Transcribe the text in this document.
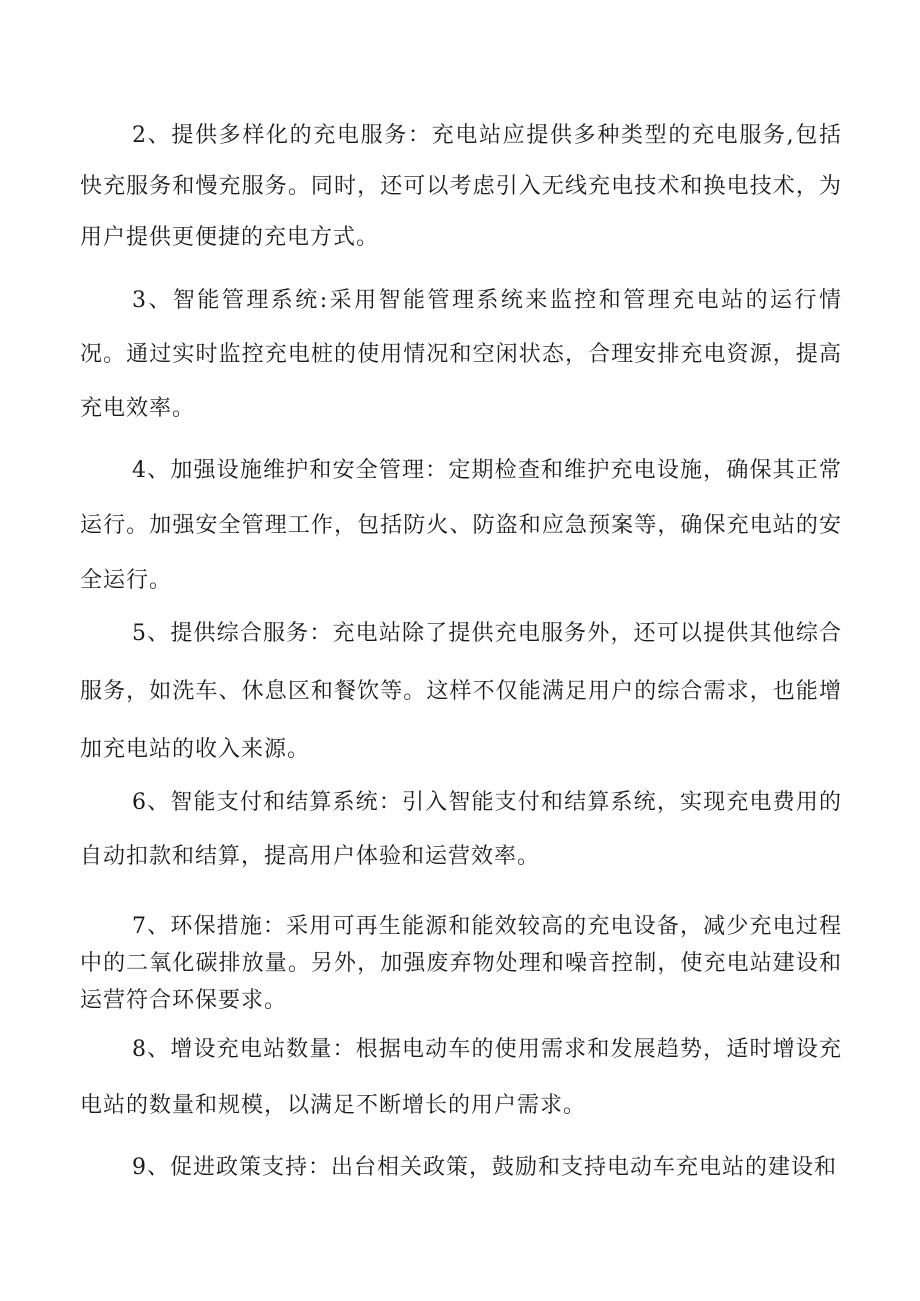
2、提供多样化的充电服务：充电站应提供多种类型的充电服务,包括快充服务和慢充服务。同时，还可以考虑引入无线充电技术和换电技术，为用户提供更便捷的充电方式。

3、智能管理系统:采用智能管理系统来监控和管理充电站的运行情况。通过实时监控充电桩的使用情况和空闲状态，合理安排充电资源，提高充电效率。

4、加强设施维护和安全管理：定期检查和维护充电设施，确保其正常运行。加强安全管理工作，包括防火、防盗和应急预案等，确保充电站的安全运行。

5、提供综合服务：充电站除了提供充电服务外，还可以提供其他综合服务，如洗车、休息区和餐饮等。这样不仅能满足用户的综合需求，也能增加充电站的收入来源。

6、智能支付和结算系统：引入智能支付和结算系统，实现充电费用的自动扣款和结算，提高用户体验和运营效率。

7、环保措施：采用可再生能源和能效较高的充电设备，减少充电过程中的二氧化碳排放量。另外，加强废弃物处理和噪音控制，使充电站建设和运营符合环保要求。

8、增设充电站数量：根据电动车的使用需求和发展趋势，适时增设充电站的数量和规模，以满足不断增长的用户需求。

9、促进政策支持：出台相关政策，鼓励和支持电动车充电站的建设和
